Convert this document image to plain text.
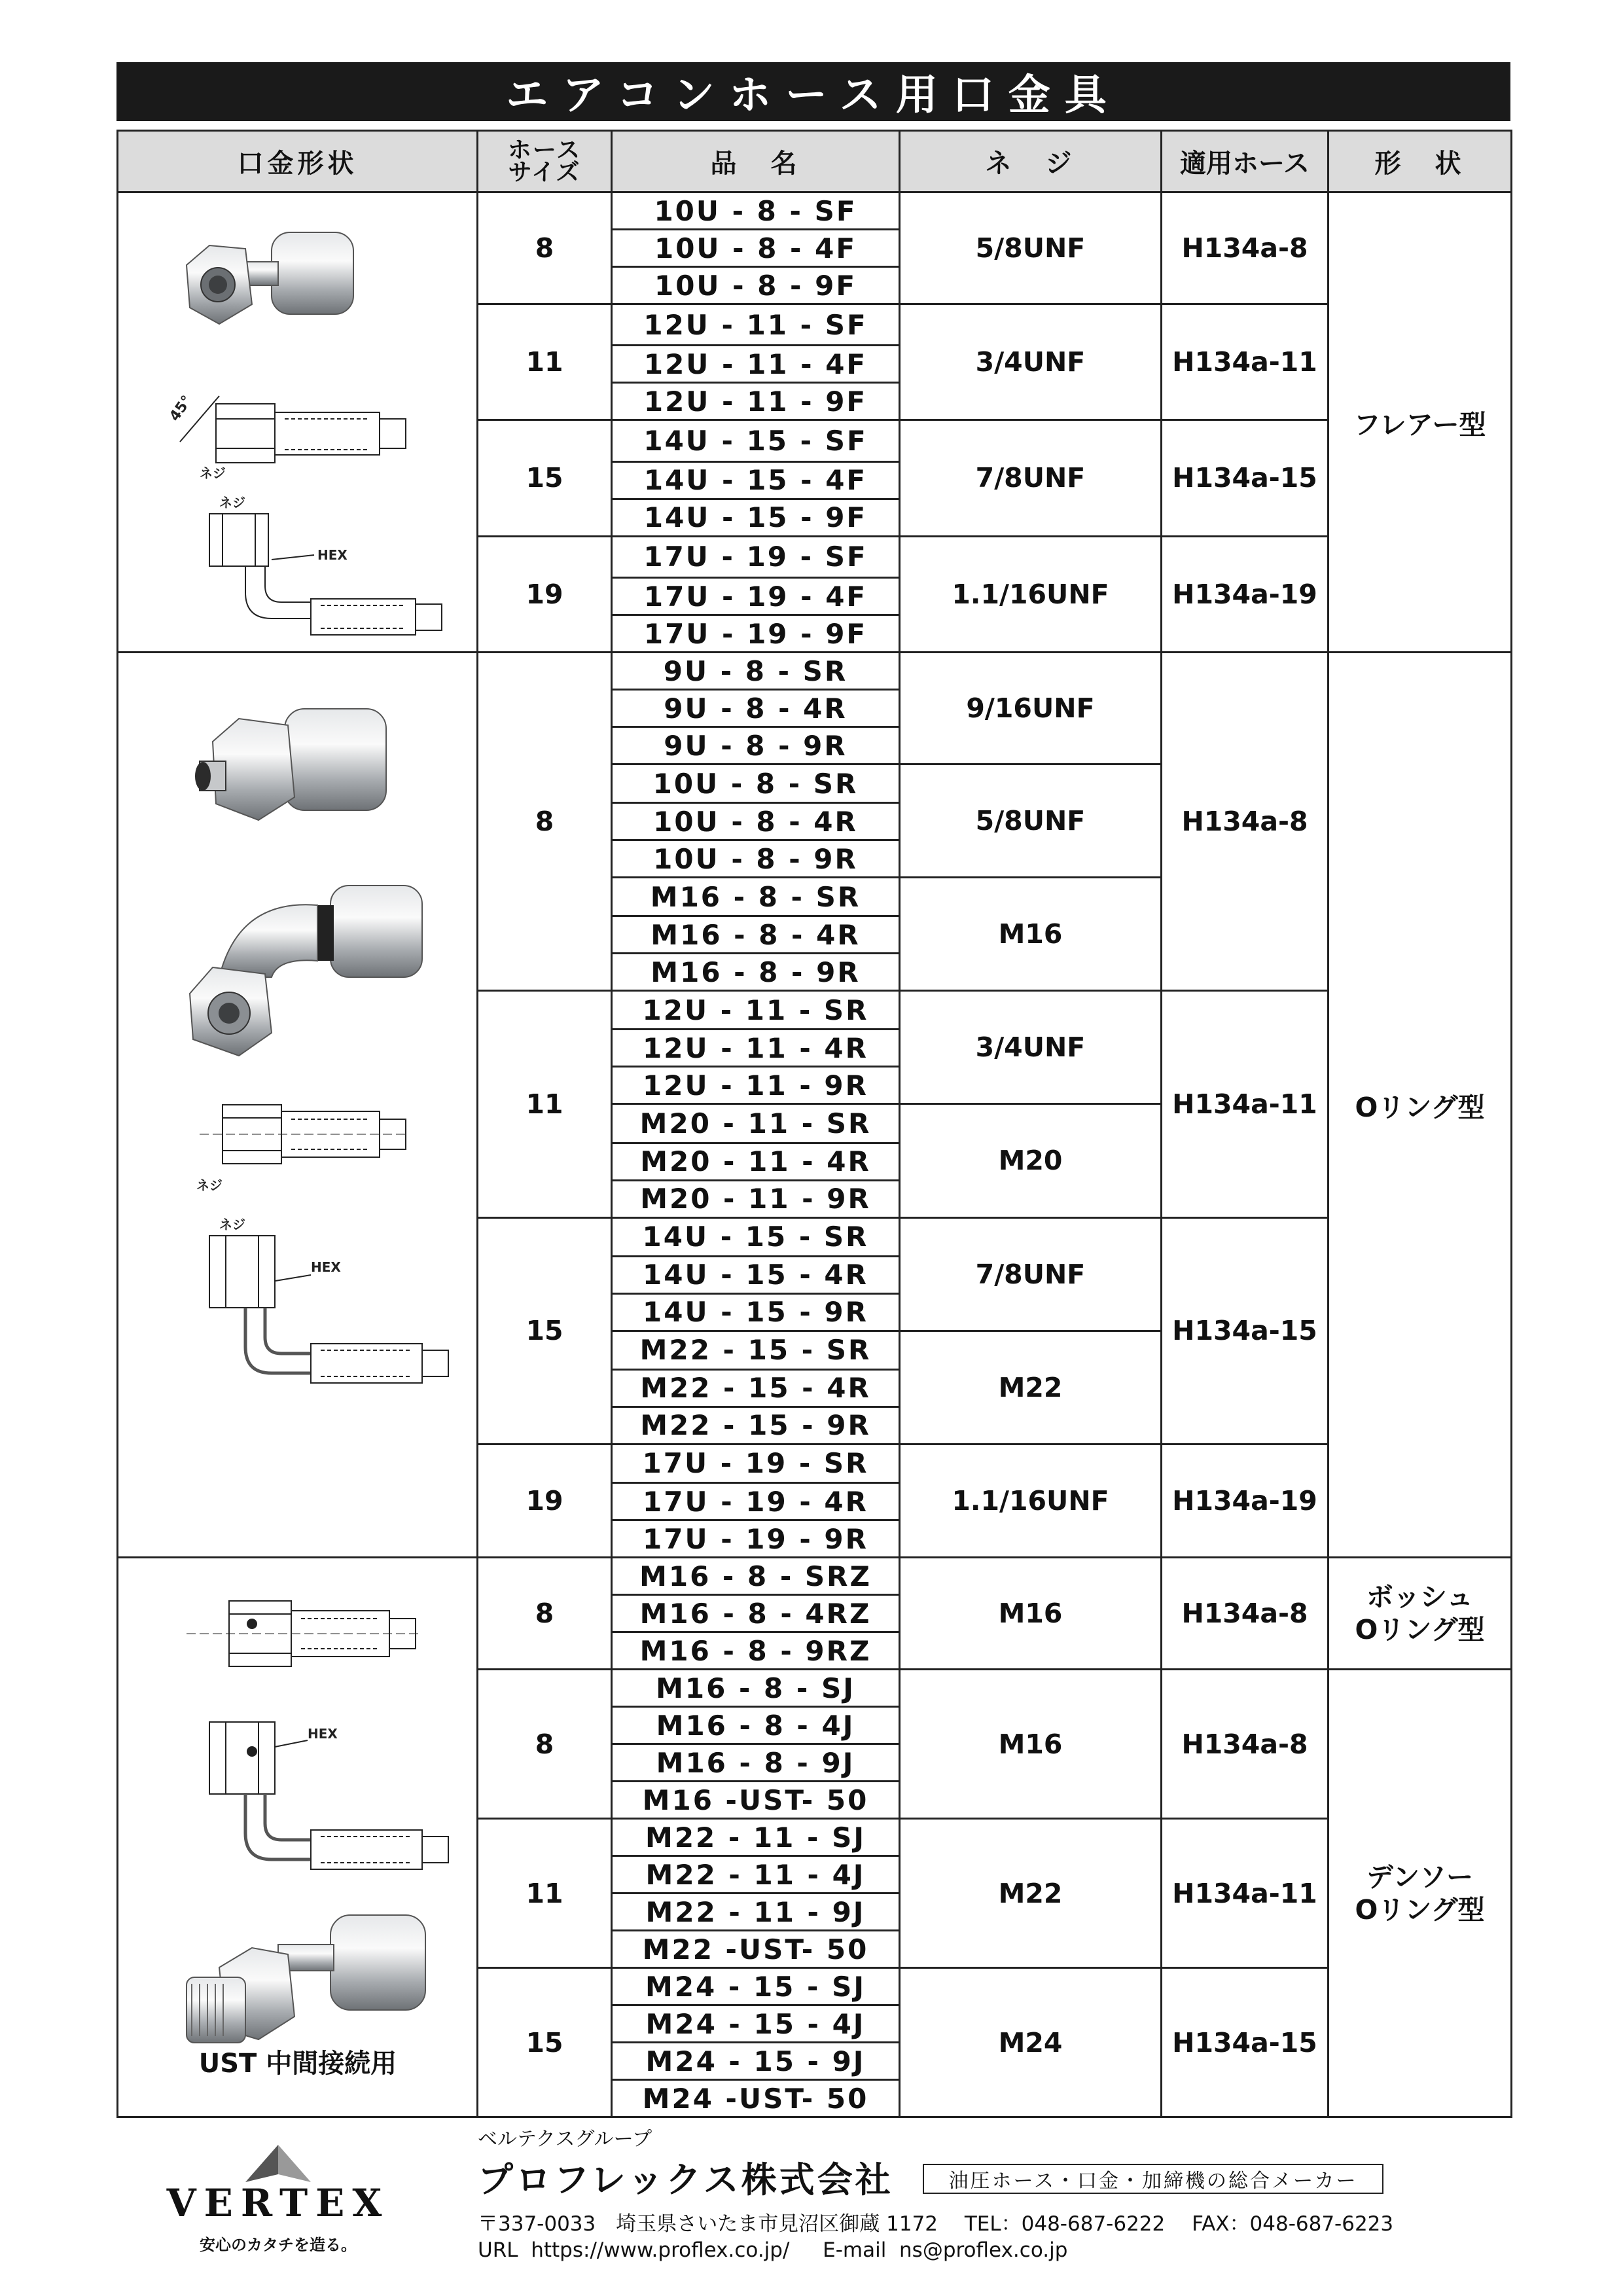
エアコンホース用口金具
口金形状	ホース
サイズ	品　名	ネ　ジ	適用ホース	形　状

45°
ネジ
ネジ
HEX	8	10U - 8 - SF	5/8UNF	H134a-8	フレアー型
		10U - 8 - 4F			
		10U - 8 - 9F			
	11	12U - 11 - SF	3/4UNF	H134a-11	
		12U - 11 - 4F			
		12U - 11 - 9F			
	15	14U - 15 - SF	7/8UNF	H134a-15	
		14U - 15 - 4F			
		14U - 15 - 9F			
	19	17U - 19 - SF	1.1/16UNF	H134a-19	
		17U - 19 - 4F			
		17U - 19 - 9F			

ネジ
ネジ
HEX	8	9U - 8 - SR	9/16UNF	H134a-8	Oリング型
		9U - 8 - 4R			
		9U - 8 - 9R			
		10U - 8 - SR	5/8UNF		
		10U - 8 - 4R			
		10U - 8 - 9R			
		M16 - 8 - SR	M16		
		M16 - 8 - 4R			
		M16 - 8 - 9R			
	11	12U - 11 - SR	3/4UNF	H134a-11	
		12U - 11 - 4R			
		12U - 11 - 9R			
		M20 - 11 - SR	M20		
		M20 - 11 - 4R			
		M20 - 11 - 9R			
	15	14U - 15 - SR	7/8UNF	H134a-15	
		14U - 15 - 4R			
		14U - 15 - 9R			
		M22 - 15 - SR	M22		
		M22 - 15 - 4R			
		M22 - 15 - 9R			
	19	17U - 19 - SR	1.1/16UNF	H134a-19	
		17U - 19 - 4R			
		17U - 19 - 9R			

HEX
UST 中間接続用	8	M16 - 8 - SRZ	M16	H134a-8	ボッシュ
Oリング型
		M16 - 8 - 4RZ			
		M16 - 8 - 9RZ			
	8	M16 - 8 - SJ	M16	H134a-8	デンソー
Oリング型
		M16 - 8 - 4J			
		M16 - 8 - 9J			
		M16 -UST- 50			
	11	M22 - 11 - SJ	M22	H134a-11	
		M22 - 11 - 4J			
		M22 - 11 - 9J			
		M22 -UST- 50			
	15	M24 - 15 - SJ	M24	H134a-15	
		M24 - 15 - 4J			
		M24 - 15 - 9J			
		M24 -UST- 50			
VERTEX
安心のカタチを造る。
ベルテクスグループ
プロフレックス株式会社	油圧ホース・口金・加締機の総合メーカー
〒337-0033　埼玉県さいたま市見沼区御蔵 1172　 TEL：048-687-6222　 FAX：048-687-6223
URL  https://www.proflex.co.jp/　  E-mail  ns@proflex.co.jp
